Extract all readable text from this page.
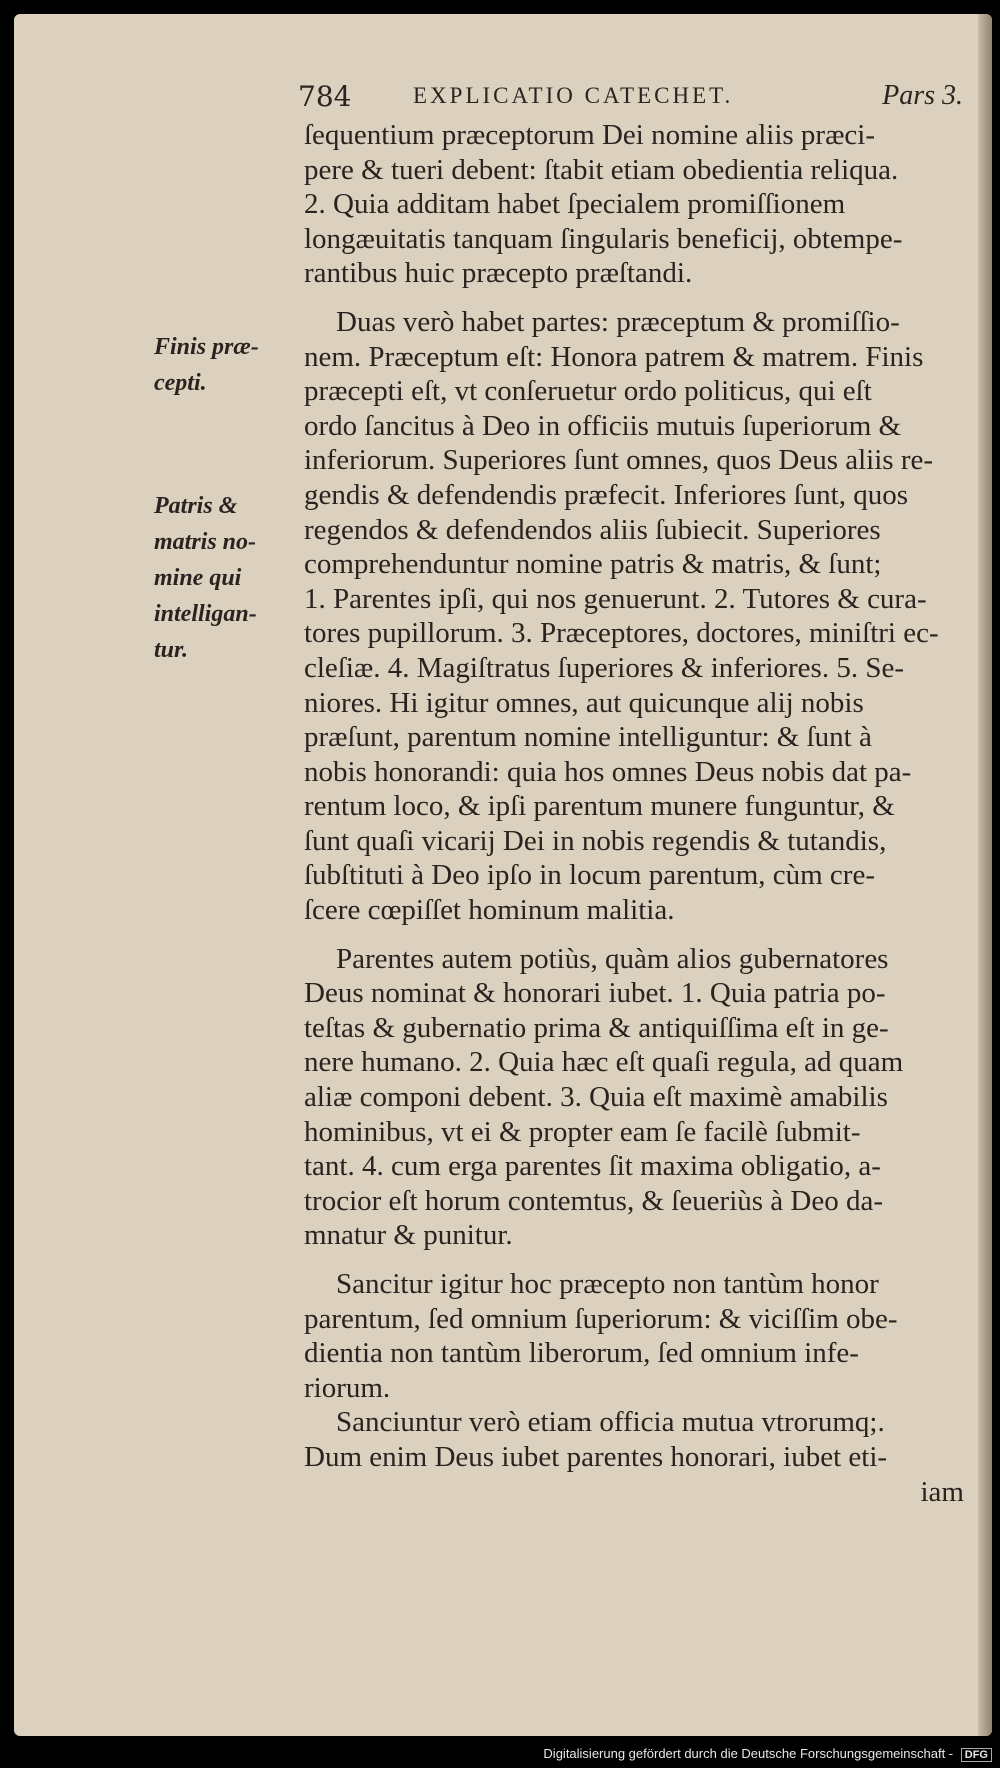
784	EXPLICATIO CATECHET.	Pars 3.
Finis præ-
cepti.
Patris &
matris no-
mine qui
intelligan-
tur.
ſequentium præceptorum Dei nomine aliis præci-
pere & tueri debent: ſtabit etiam obedientia reliqua.
2. Quia additam habet ſpecialem promiſſionem
longæuitatis tanquam ſingularis beneficij, obtempe-
rantibus huic præcepto præſtandi.
Duas verò habet partes: præceptum & promiſſio-
nem. Præceptum eſt: Honora patrem & matrem. Finis
præcepti eſt, vt conſeruetur ordo politicus, qui eſt
ordo ſancitus à Deo in officiis mutuis ſuperiorum &
inferiorum. Superiores ſunt omnes, quos Deus aliis re-
gendis & defendendis præfecit. Inferiores ſunt, quos
regendos & defendendos aliis ſubiecit. Superiores
comprehenduntur nomine patris & matris, & ſunt;
1. Parentes ipſi, qui nos genuerunt. 2. Tutores & cura-
tores pupillorum. 3. Præceptores, doctores, miniſtri ec-
cleſiæ. 4. Magiſtratus ſuperiores & inferiores. 5. Se-
niores. Hi igitur omnes, aut quicunque alij nobis
præſunt, parentum nomine intelliguntur: & ſunt à
nobis honorandi: quia hos omnes Deus nobis dat pa-
rentum loco, & ipſi parentum munere funguntur, &
ſunt quaſi vicarij Dei in nobis regendis & tutandis,
ſubſtituti à Deo ipſo in locum parentum, cùm cre-
ſcere cœpiſſet hominum malitia.
Parentes autem potiùs, quàm alios gubernatores
Deus nominat & honorari iubet. 1. Quia patria po-
teſtas & gubernatio prima & antiquiſſima eſt in ge-
nere humano. 2. Quia hæc eſt quaſi regula, ad quam
aliæ componi debent. 3. Quia eſt maximè amabilis
hominibus, vt ei & propter eam ſe facilè ſubmit-
tant. 4. cum erga parentes ſit maxima obligatio, a-
trocior eſt horum contemtus, & ſeueriùs à Deo da-
mnatur & punitur.
Sancitur igitur hoc præcepto non tantùm honor
parentum, ſed omnium ſuperiorum: & viciſſim obe-
dientia non tantùm liberorum, ſed omnium infe-
riorum.
Sanciuntur verò etiam officia mutua vtrorumq;.
Dum enim Deus iubet parentes honorari, iubet eti-
iam
Digitalisierung gefördert durch die Deutsche Forschungsgemeinschaft - DFG
